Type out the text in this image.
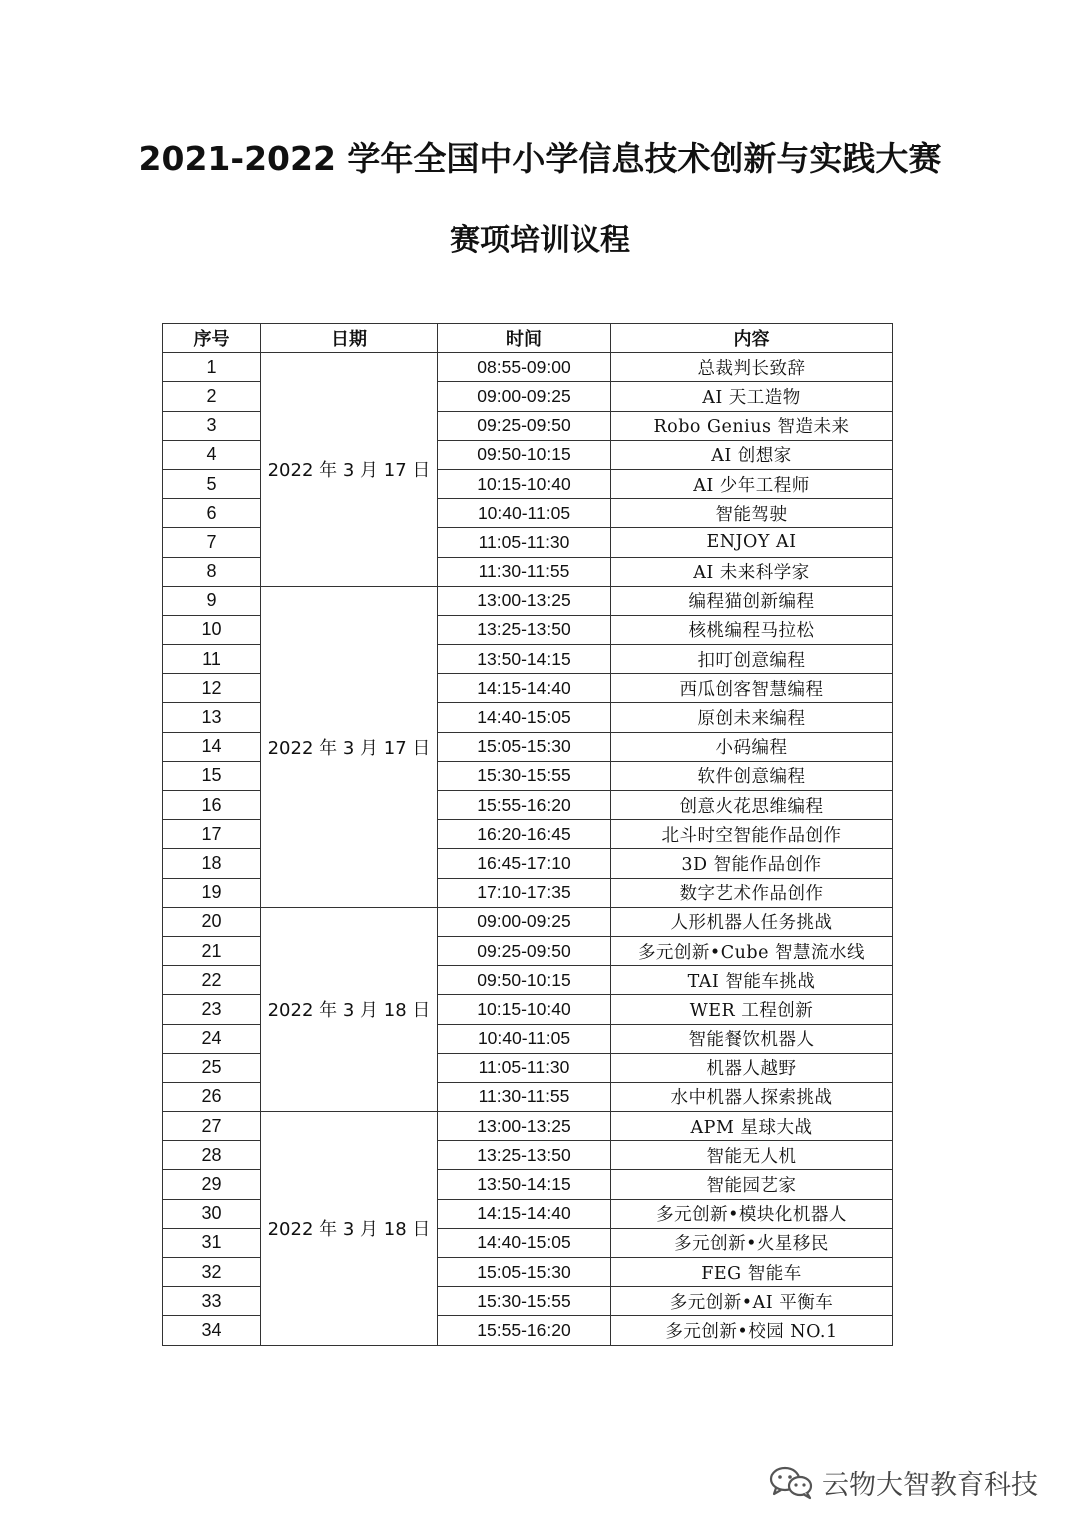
2021-2022 学年全国中小学信息技术创新与实践大赛
赛项培训议程
序号	日期	时间	内容
1	2022 年 3 月 17 日	08:55-09:00	总裁判长致辞
2		09:00-09:25	AI 天工造物
3		09:25-09:50	Robo Genius 智造未来
4		09:50-10:15	AI 创想家
5		10:15-10:40	AI 少年工程师
6		10:40-11:05	智能驾驶
7		11:05-11:30	ENJOY AI
8		11:30-11:55	AI 未来科学家
9	2022 年 3 月 17 日	13:00-13:25	编程猫创新编程
10		13:25-13:50	核桃编程马拉松
11		13:50-14:15	扣叮创意编程
12		14:15-14:40	西瓜创客智慧编程
13		14:40-15:05	原创未来编程
14		15:05-15:30	小码编程
15		15:30-15:55	软件创意编程
16		15:55-16:20	创意火花思维编程
17		16:20-16:45	北斗时空智能作品创作
18		16:45-17:10	3D 智能作品创作
19		17:10-17:35	数字艺术作品创作
20	2022 年 3 月 18 日	09:00-09:25	人形机器人任务挑战
21		09:25-09:50	多元创新•Cube 智慧流水线
22		09:50-10:15	TAI 智能车挑战
23		10:15-10:40	WER 工程创新
24		10:40-11:05	智能餐饮机器人
25		11:05-11:30	机器人越野
26		11:30-11:55	水中机器人探索挑战
27	2022 年 3 月 18 日	13:00-13:25	APM 星球大战
28		13:25-13:50	智能无人机
29		13:50-14:15	智能园艺家
30		14:15-14:40	多元创新•模块化机器人
31		14:40-15:05	多元创新•火星移民
32		15:05-15:30	FEG 智能车
33		15:30-15:55	多元创新•AI 平衡车
34		15:55-16:20	多元创新•校园 NO.1
云物大智教育科技
